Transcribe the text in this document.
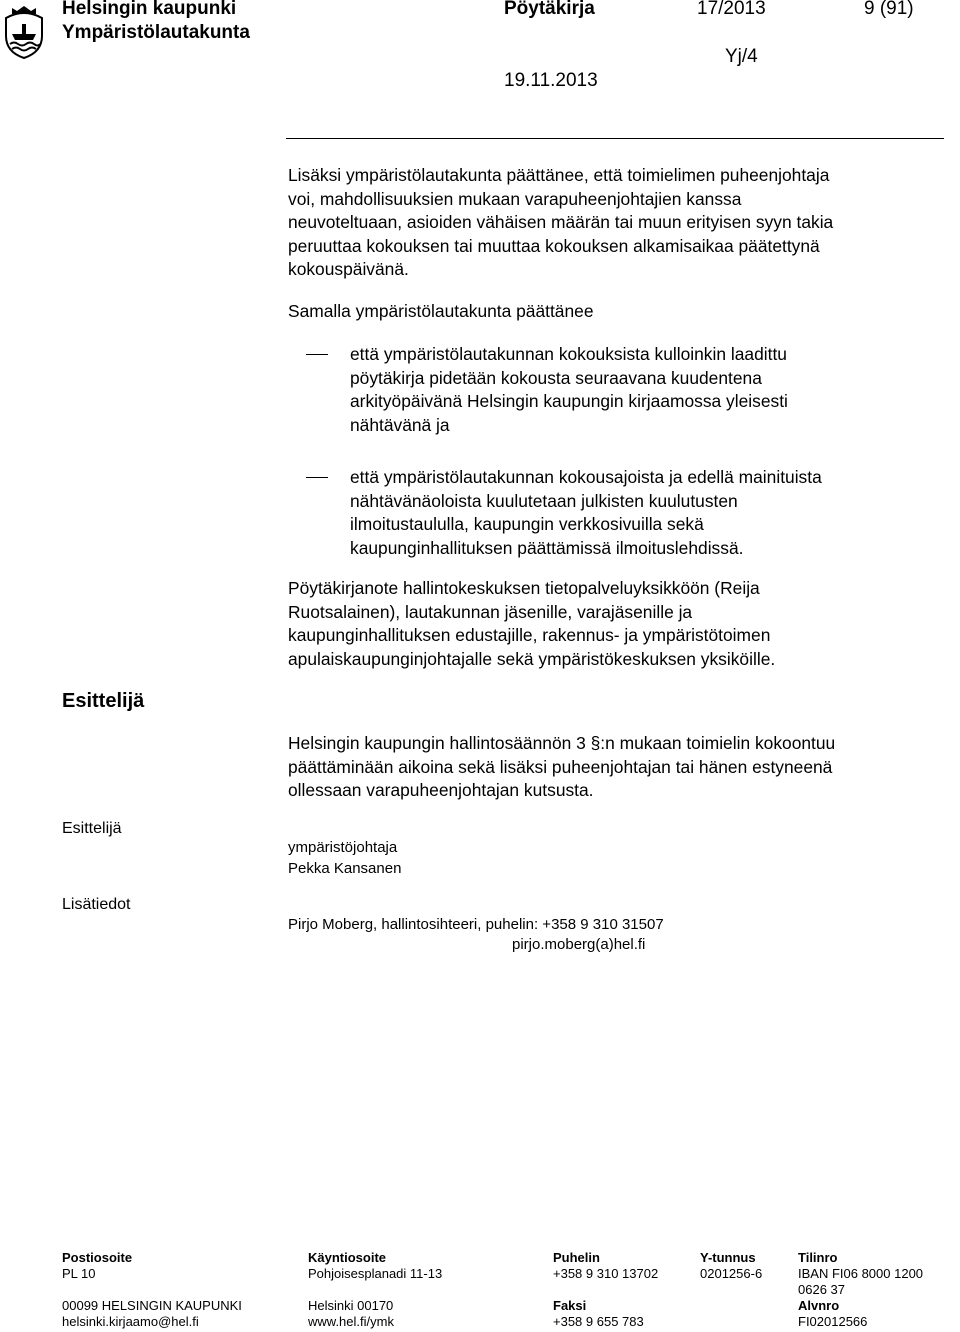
Helsingin kaupunki
Ympäristölautakunta
Pöytäkirja	17/2013	9 (91)
Yj/4
19.11.2013
Lisäksi ympäristölautakunta päättänee, että toimielimen puheenjohtaja
voi, mahdollisuuksien mukaan varapuheenjohtajien kanssa
neuvoteltuaan, asioiden vähäisen määrän tai muun erityisen syyn takia
peruuttaa kokouksen tai muuttaa kokouksen alkamisaikaa päätettynä
kokouspäivänä.
Samalla ympäristölautakunta päättänee
että ympäristölautakunnan kokouksista kulloinkin laadittu
pöytäkirja pidetään kokousta seuraavana kuudentena
arkityöpäivänä Helsingin kaupungin kirjaamossa yleisesti
nähtävänä ja
että ympäristölautakunnan kokousajoista ja edellä mainituista
nähtävänäoloista kuulutetaan julkisten kuulutusten
ilmoitustaululla, kaupungin verkkosivuilla sekä
kaupunginhallituksen päättämissä ilmoituslehdissä.
Pöytäkirjanote hallintokeskuksen tietopalveluyksikköön (Reija
Ruotsalainen), lautakunnan jäsenille, varajäsenille ja
kaupunginhallituksen edustajille, rakennus- ja ympäristötoimen
apulaiskaupunginjohtajalle sekä ympäristökeskuksen yksiköille.
Esittelijä
Helsingin kaupungin hallintosäännön 3 §:n mukaan toimielin kokoontuu
päättäminään aikoina sekä lisäksi puheenjohtajan tai hänen estyneenä
ollessaan varapuheenjohtajan kutsusta.
Esittelijä
ympäristöjohtaja
Pekka Kansanen
Lisätiedot
Pirjo Moberg, hallintosihteeri, puhelin: +358 9 310 31507
pirjo.moberg(a)hel.fi
Postiosoite
PL 10
00099 HELSINGIN KAUPUNKI
helsinki.kirjaamo@hel.fi
Käyntiosoite
Pohjoisesplanadi 11-13
Helsinki 00170
www.hel.fi/ymk
Puhelin
+358 9 310 13702
Faksi
+358 9 655 783
Y-tunnus
0201256-6
Tilinro
IBAN FI06 8000 1200
0626 37
Alvnro
FI02012566
